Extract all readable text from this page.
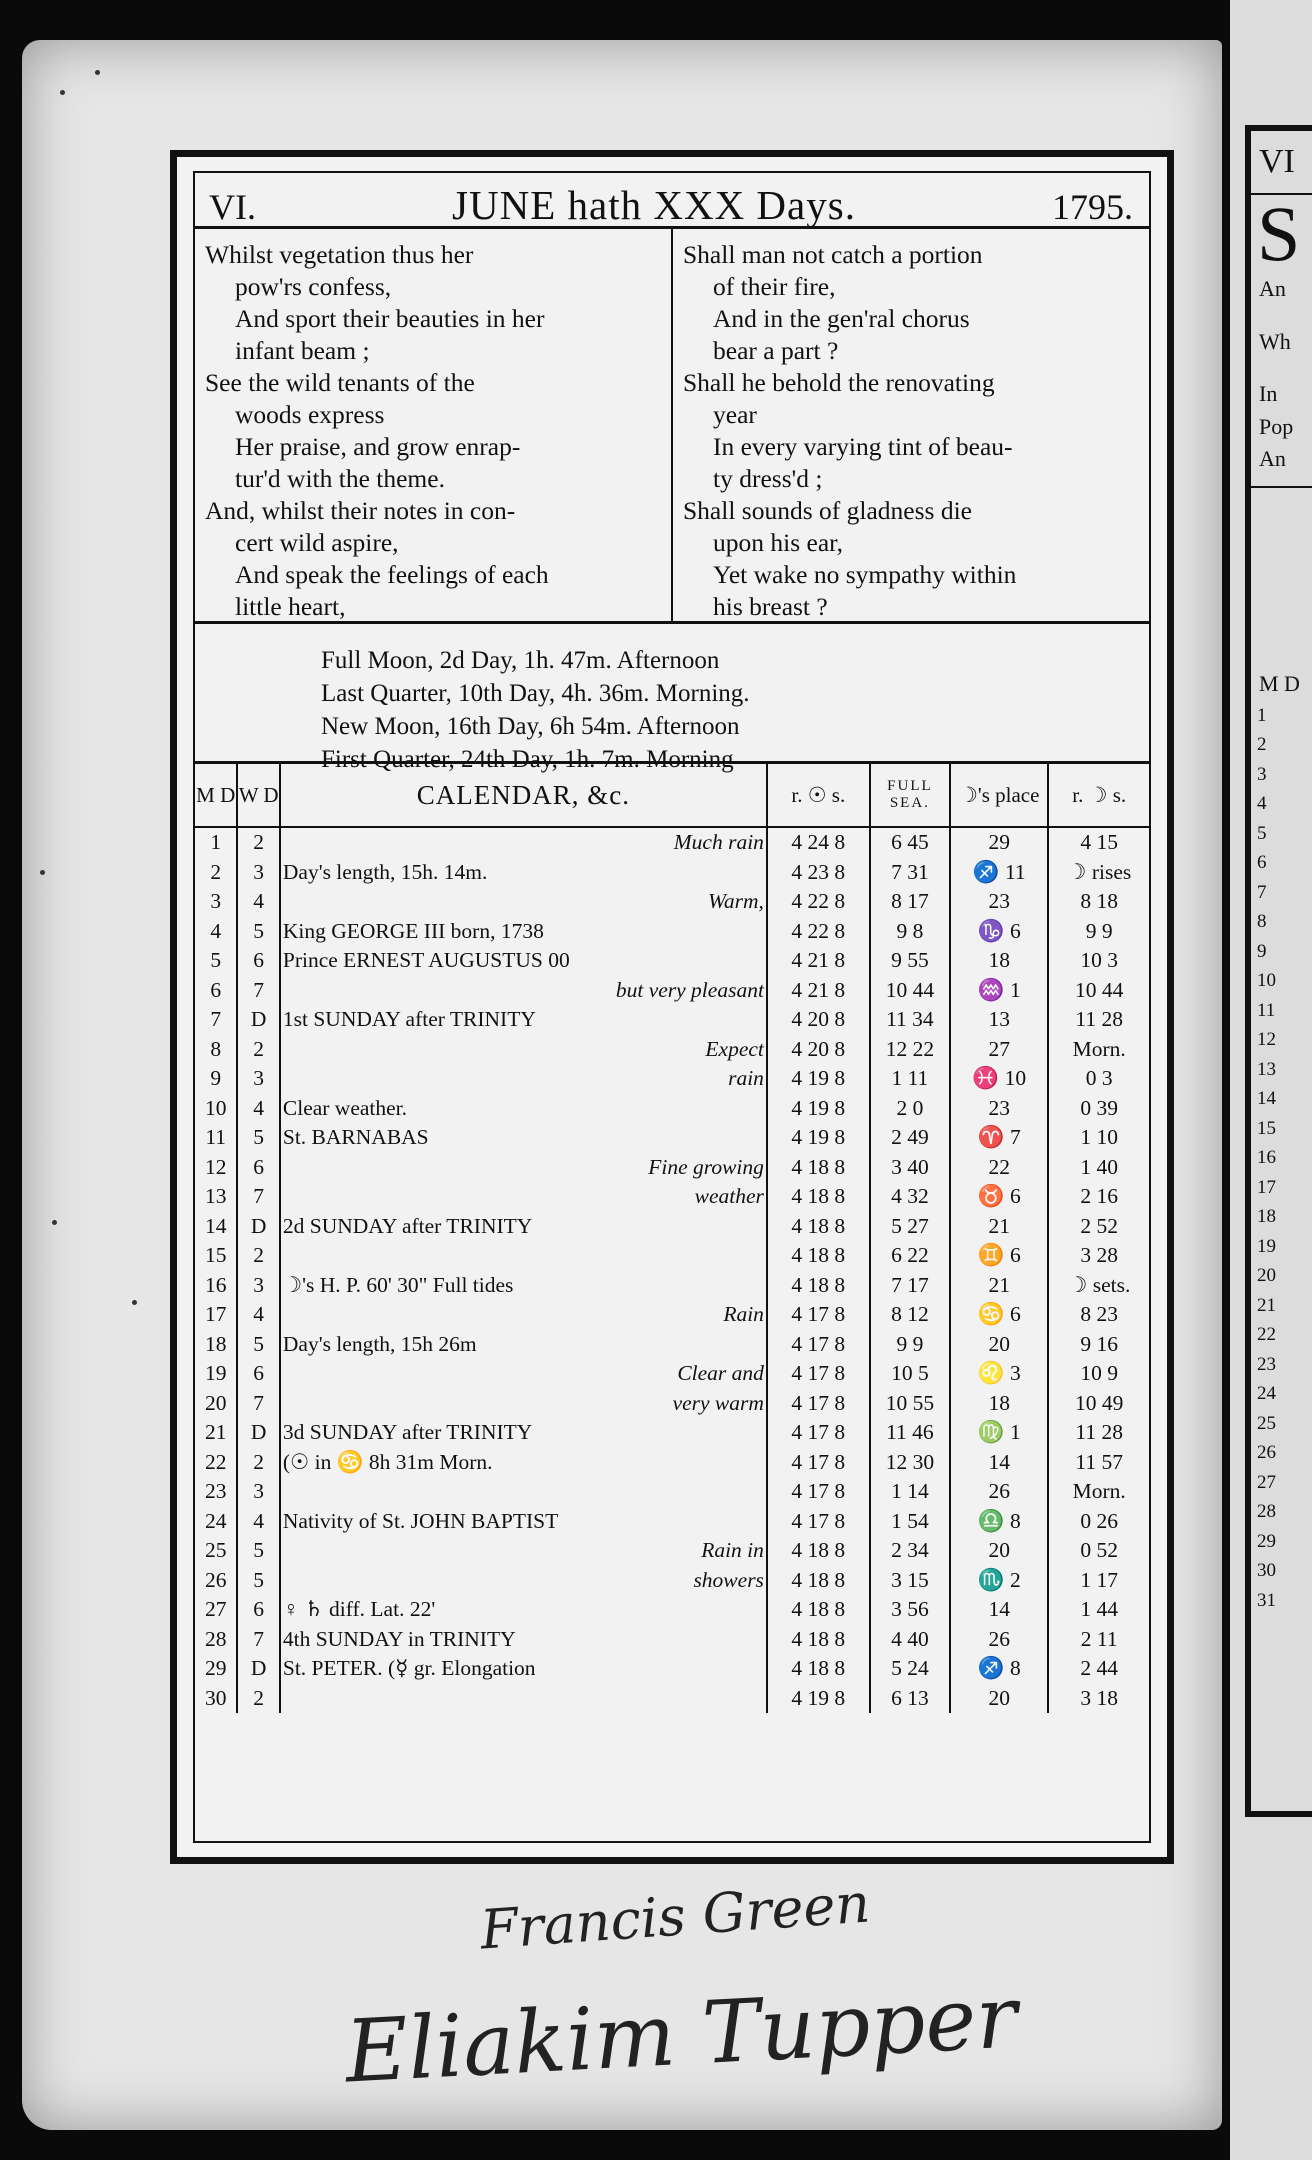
VI
S
An
Wh
In
Pop
An
M D
1
2
3
4
5
6
7
8
9
10
11
12
13
14
15
16
17
18
19
20
21
22
23
24
25
26
27
28
29
30
31
VI.	JUNE hath XXX Days.	1795.
Whilst vegetation thus her
pow'rs confess,
And sport their beauties in her
infant beam ;
See the wild tenants of the
woods express
Her praise, and grow enrap-
tur'd with the theme.
And, whilst their notes in con-
cert wild aspire,
And speak the feelings of each
little heart,
Shall man not catch a portion
of their fire,
And in the gen'ral chorus
bear a part ?
Shall he behold the renovating
year
In every varying tint of beau-
ty dress'd ;
Shall sounds of gladness die
upon his ear,
Yet wake no sympathy within
his breast ?
Full Moon, 2d Day, 1h. 47m. Afternoon
Last Quarter, 10th Day, 4h. 36m. Morning.
New Moon, 16th Day, 6h 54m. Afternoon
First Quarter, 24th Day, 1h. 7m. Morning
M D	W D	CALENDAR, &c.	r. ☉ s.	FULL SEA.	☽'s place	r. ☽ s.
1	2	Much rain	4 24 8	6 45	29	4 15
2	3	Day's length, 15h. 14m.	4 23 8	7 31	♐ 11	☽ rises
3	4	Warm,	4 22 8	8 17	23	8 18
4	5	King GEORGE III born, 1738	4 22 8	9 8	♑ 6	9 9
5	6	Prince ERNEST AUGUSTUS 00	4 21 8	9 55	18	10 3
6	7	but very pleasant	4 21 8	10 44	♒ 1	10 44
7	D	1st SUNDAY after TRINITY	4 20 8	11 34	13	11 28
8	2	Expect	4 20 8	12 22	27	Morn.
9	3	rain	4 19 8	1 11	♓ 10	0 3
10	4	Clear weather.	4 19 8	2 0	23	0 39
11	5	St. BARNABAS	4 19 8	2 49	♈ 7	1 10
12	6	Fine growing	4 18 8	3 40	22	1 40
13	7	weather	4 18 8	4 32	♉ 6	2 16
14	D	2d SUNDAY after TRINITY	4 18 8	5 27	21	2 52
15	2		4 18 8	6 22	♊ 6	3 28
16	3	☽'s H. P. 60' 30" Full tides	4 18 8	7 17	21	☽ sets.
17	4	Rain	4 17 8	8 12	♋ 6	8 23
18	5	Day's length, 15h 26m	4 17 8	9 9	20	9 16
19	6	Clear and	4 17 8	10 5	♌ 3	10 9
20	7	very warm	4 17 8	10 55	18	10 49
21	D	3d SUNDAY after TRINITY	4 17 8	11 46	♍ 1	11 28
22	2	(☉ in ♋ 8h 31m Morn.	4 17 8	12 30	14	11 57
23	3		4 17 8	1 14	26	Morn.
24	4	Nativity of St. JOHN BAPTIST	4 17 8	1 54	♎ 8	0 26
25	5	Rain in	4 18 8	2 34	20	0 52
26	5	showers	4 18 8	3 15	♏ 2	1 17
27	6	♀ ♄ diff. Lat. 22'	4 18 8	3 56	14	1 44
28	7	4th SUNDAY in TRINITY	4 18 8	4 40	26	2 11
29	D	St. PETER. (☿ gr. Elongation	4 18 8	5 24	♐ 8	2 44
30	2		4 19 8	6 13	20	3 18
Francis Green
Eliakim Tupper
